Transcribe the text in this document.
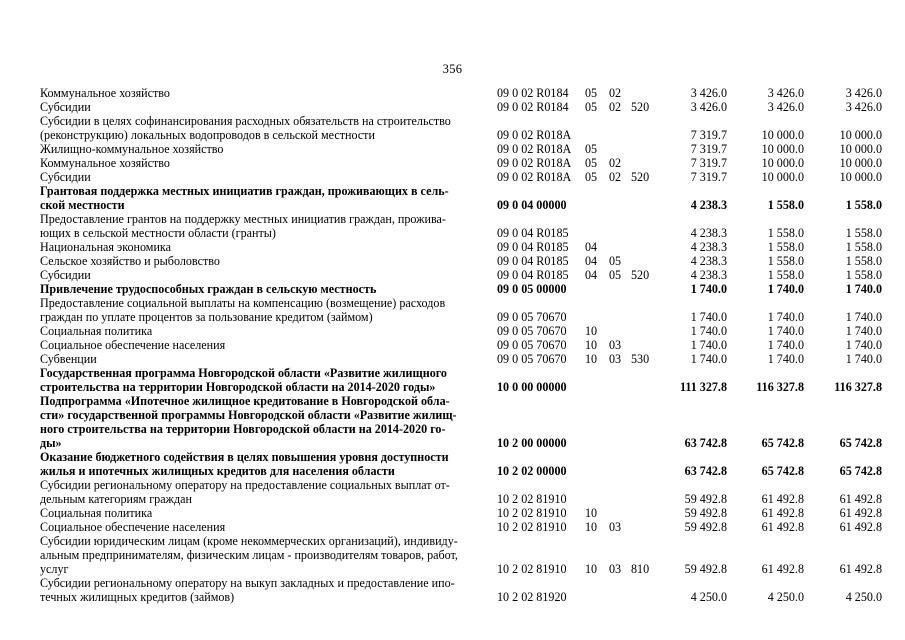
356
Коммунальное хозяйство	09 0 02 R0184	05 02	3 426.0	3 426.0	3 426.0
Субсидии	09 0 02 R0184	05 02 520	3 426.0	3 426.0	3 426.0
Субсидии в целях софинансирования расходных обязательств на строительство
(реконструкцию) локальных водопроводов в сельской местности	09 0 02 R018A	7 319.7	10 000.0	10 000.0
Жилищно-коммунальное хозяйство	09 0 02 R018A	05	7 319.7	10 000.0	10 000.0
Коммунальное хозяйство	09 0 02 R018A	05 02	7 319.7	10 000.0	10 000.0
Субсидии	09 0 02 R018A	05 02 520	7 319.7	10 000.0	10 000.0
Грантовая поддержка местных инициатив граждан, проживающих в сель-
ской местности	09 0 04 00000	4 238.3	1 558.0	1 558.0
Предоставление грантов на поддержку местных инициатив граждан, прожива-
ющих в сельской местности области (гранты)	09 0 04 R0185	4 238.3	1 558.0	1 558.0
Национальная экономика	09 0 04 R0185	04	4 238.3	1 558.0	1 558.0
Сельское хозяйство и рыболовство	09 0 04 R0185	04 05	4 238.3	1 558.0	1 558.0
Субсидии	09 0 04 R0185	04 05 520	4 238.3	1 558.0	1 558.0
Привлечение трудоспособных граждан в сельскую местность	09 0 05 00000	1 740.0	1 740.0	1 740.0
Предоставление социальной выплаты на компенсацию (возмещение) расходов
граждан по уплате процентов за пользование кредитом (займом)	09 0 05 70670	1 740.0	1 740.0	1 740.0
Социальная политика	09 0 05 70670	10	1 740.0	1 740.0	1 740.0
Социальное обеспечение населения	09 0 05 70670	10 03	1 740.0	1 740.0	1 740.0
Субвенции	09 0 05 70670	10 03 530	1 740.0	1 740.0	1 740.0
Государственная программа Новгородской области «Развитие жилищного
строительства на территории Новгородской области на 2014-2020 годы»	10 0 00 00000	111 327.8	116 327.8	116 327.8
Подпрограмма «Ипотечное жилищное кредитование в Новгородской обла-
сти» государственной программы Новгородской области «Развитие жилищ-
ного строительства на территории Новгородской области на 2014-2020 го-
ды»	10 2 00 00000	63 742.8	65 742.8	65 742.8
Оказание бюджетного содействия в целях повышения уровня доступности
жилья и ипотечных жилищных кредитов для населения области	10 2 02 00000	63 742.8	65 742.8	65 742.8
Субсидии региональному оператору на предоставление социальных выплат от-
дельным категориям граждан	10 2 02 81910	59 492.8	61 492.8	61 492.8
Социальная политика	10 2 02 81910	10	59 492.8	61 492.8	61 492.8
Социальное обеспечение населения	10 2 02 81910	10 03	59 492.8	61 492.8	61 492.8
Субсидии юридическим лицам (кроме некоммерческих организаций), индивиду-
альным предпринимателям, физическим лицам - производителям товаров, работ,
услуг	10 2 02 81910	10 03 810	59 492.8	61 492.8	61 492.8
Субсидии региональному оператору на выкуп закладных и предоставление ипо-
течных жилищных кредитов (займов)	10 2 02 81920	4 250.0	4 250.0	4 250.0
